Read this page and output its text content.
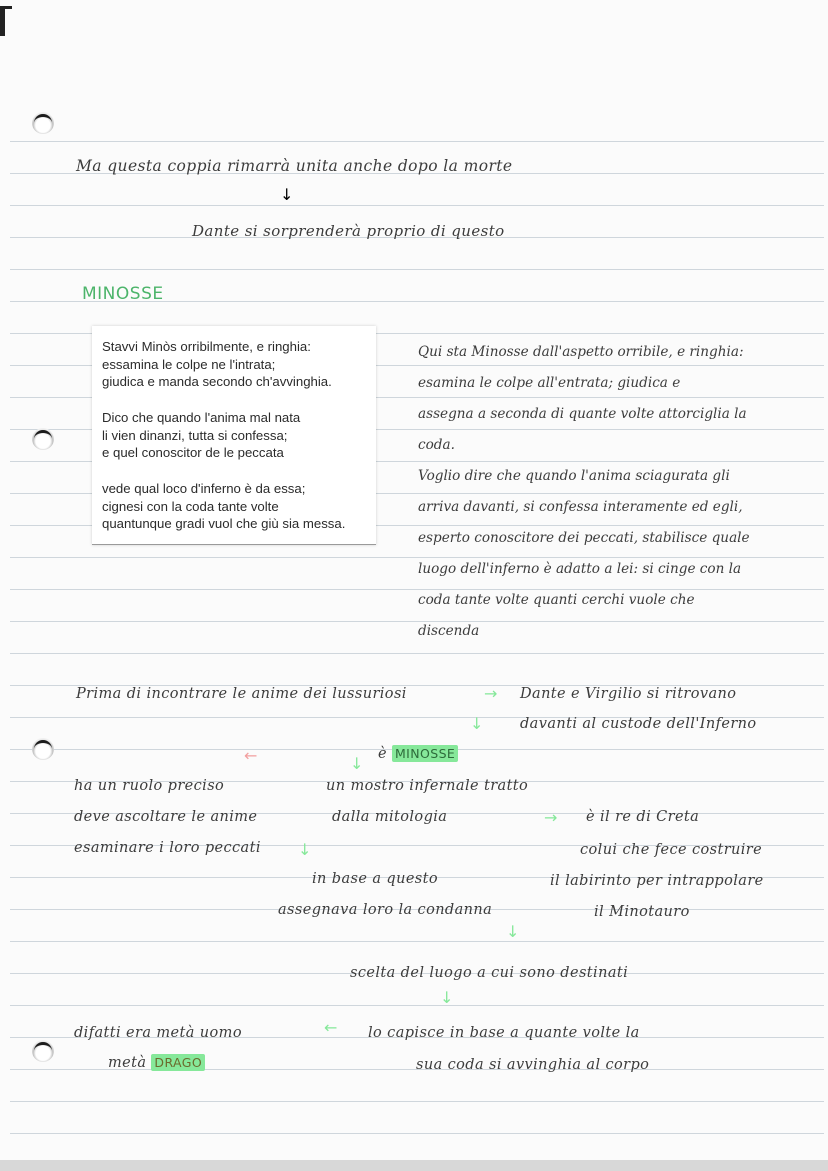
Ma questa coppia rimarrà unita anche dopo la morte
↓
Dante si sorprenderà proprio di questo
MINOSSE
Stavvi Minòs orribilmente, e ringhia:
essamina le colpe ne l'intrata;
giudica e manda secondo ch'avvinghia.
Dico che quando l'anima mal nata
li vien dinanzi, tutta si confessa;
e quel conoscitor de le peccata
vede qual loco d'inferno è da essa;
cignesi con la coda tante volte
quantunque gradi vuol che giù sia messa.
Qui sta Minosse dall'aspetto orribile, e ringhia:
esamina le colpe all'entrata; giudica e
assegna a seconda di quante volte attorciglia la
coda.
Voglio dire che quando l'anima sciagurata gli
arriva davanti, si confessa interamente ed egli,
esperto conoscitore dei peccati, stabilisce quale
luogo dell'inferno è adatto a lei: si cinge con la
coda tante volte quanti cerchi vuole che
discenda
Prima di incontrare le anime dei lussuriosi	→ Dante e Virgilio si ritrovano
↓	davanti al custode dell'Inferno
←	↓ è MINOSSE
ha un ruolo preciso
deve ascoltare le anime
esaminare i loro peccati ↓
un mostro infernale tratto
dalla mitologia	→ è il re di Creta
colui che fece costruire
il labirinto per intrappolare
il Minotauro
in base a questo
assegnava loro la condanna
↓
scelta del luogo a cui sono destinati
↓
difatti era metà uomo
metà DRAGO
← lo capisce in base a quante volte la
sua coda si avvinghia al corpo
